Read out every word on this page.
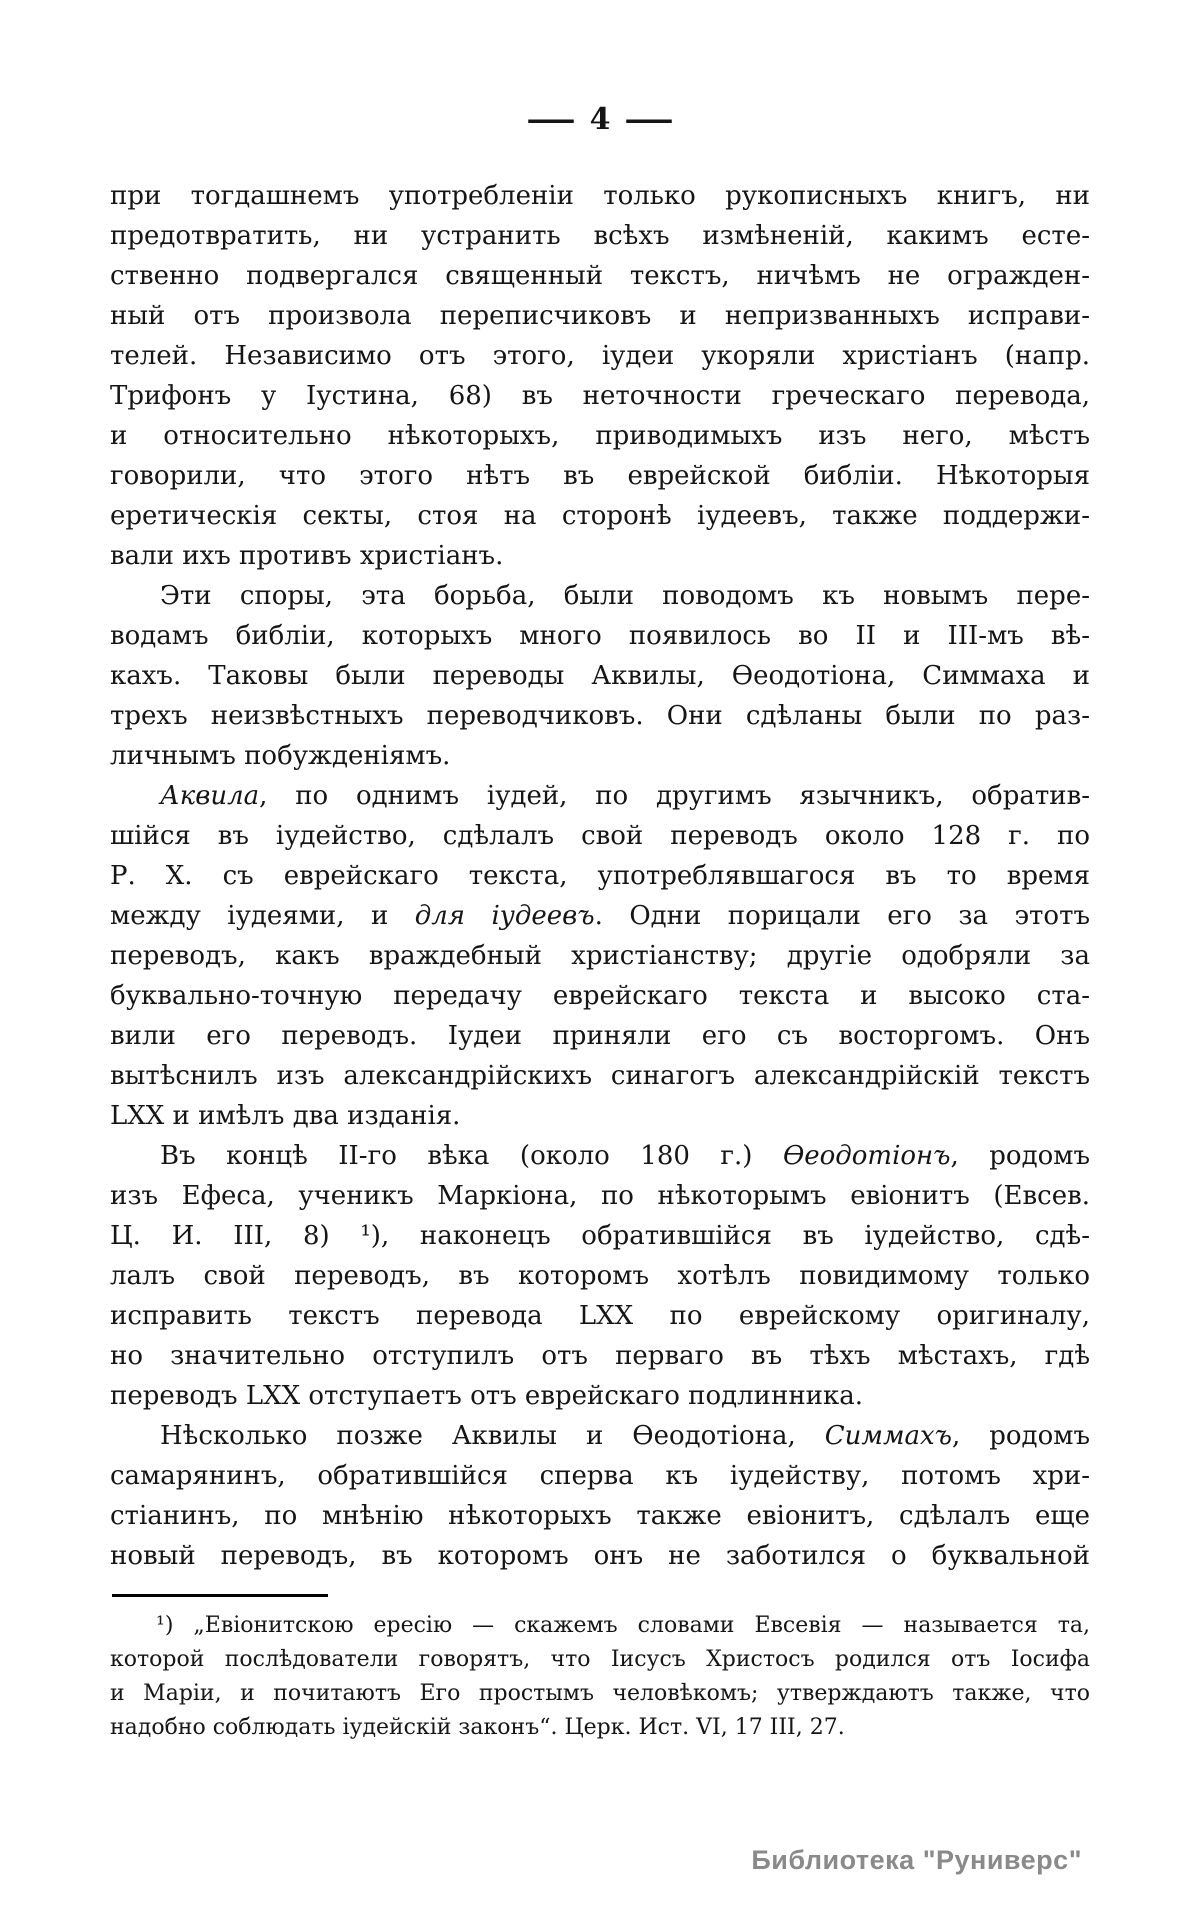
— 4 —
при тогдашнемъ употребленіи только рукописныхъ книгъ, ни
предотвратить, ни устранить всѣхъ измѣненій, какимъ есте-
ственно подвергался священный текстъ, ничѣмъ не огражден-
ный отъ произвола переписчиковъ и непризванныхъ исправи-
телей. Независимо отъ этого, іудеи укоряли христіанъ (напр.
Трифонъ у Іустина, 68) въ неточности греческаго перевода,
и относительно нѣкоторыхъ, приводимыхъ изъ него, мѣстъ
говорили, что этого нѣтъ въ еврейской библіи. Нѣкоторыя
еретическія секты, стоя на сторонѣ іудеевъ, также поддержи-
вали ихъ противъ христіанъ.
Эти споры, эта борьба, были поводомъ къ новымъ пере-
водамъ библіи, которыхъ много появилось во II и III-мъ вѣ-
кахъ. Таковы были переводы Аквилы, Ѳеодотіона, Симмаха и
трехъ неизвѣстныхъ переводчиковъ. Они сдѣланы были по раз-
личнымъ побужденіямъ.
Аквила, по однимъ іудей, по другимъ язычникъ, обратив-
шійся въ іудейство, сдѣлалъ свой переводъ около 128 г. по
Р. Х. съ еврейскаго текста, употреблявшагося въ то время
между іудеями, и для іудеевъ. Одни порицали его за этотъ
переводъ, какъ враждебный христіанству; другіе одобряли за
буквально-точную передачу еврейскаго текста и высоко ста-
вили его переводъ. Іудеи приняли его съ восторгомъ. Онъ
вытѣснилъ изъ александрійскихъ синагогъ александрійскій текстъ
LXX и имѣлъ два изданія.
Въ концѣ II-го вѣка (около 180 г.) Ѳеодотіонъ, родомъ
изъ Ефеса, ученикъ Маркіона, по нѣкоторымъ евіонитъ (Евсев.
Ц. И. III, 8) ¹), наконецъ обратившійся въ іудейство, сдѣ-
лалъ свой переводъ, въ которомъ хотѣлъ повидимому только
исправить текстъ перевода LXX по еврейскому оригиналу,
но значительно отступилъ отъ перваго въ тѣхъ мѣстахъ, гдѣ
переводъ LXX отступаетъ отъ еврейскаго подлинника.
Нѣсколько позже Аквилы и Ѳеодотіона, Симмахъ, родомъ
самарянинъ, обратившійся сперва къ іудейству, потомъ хри-
стіанинъ, по мнѣнію нѣкоторыхъ также евіонитъ, сдѣлалъ еще
новый переводъ, въ которомъ онъ не заботился о буквальной
¹) „Евіонитскою ересію — скажемъ словами Евсевія — называется та,
которой послѣдователи говорятъ, что Іисусъ Христосъ родился отъ Іосифа
и Маріи, и почитаютъ Его простымъ человѣкомъ; утверждаютъ также, что
надобно соблюдать іудейскій законъ“. Церк. Ист. VI, 17 III, 27.
Библиотека "Руниверс"
